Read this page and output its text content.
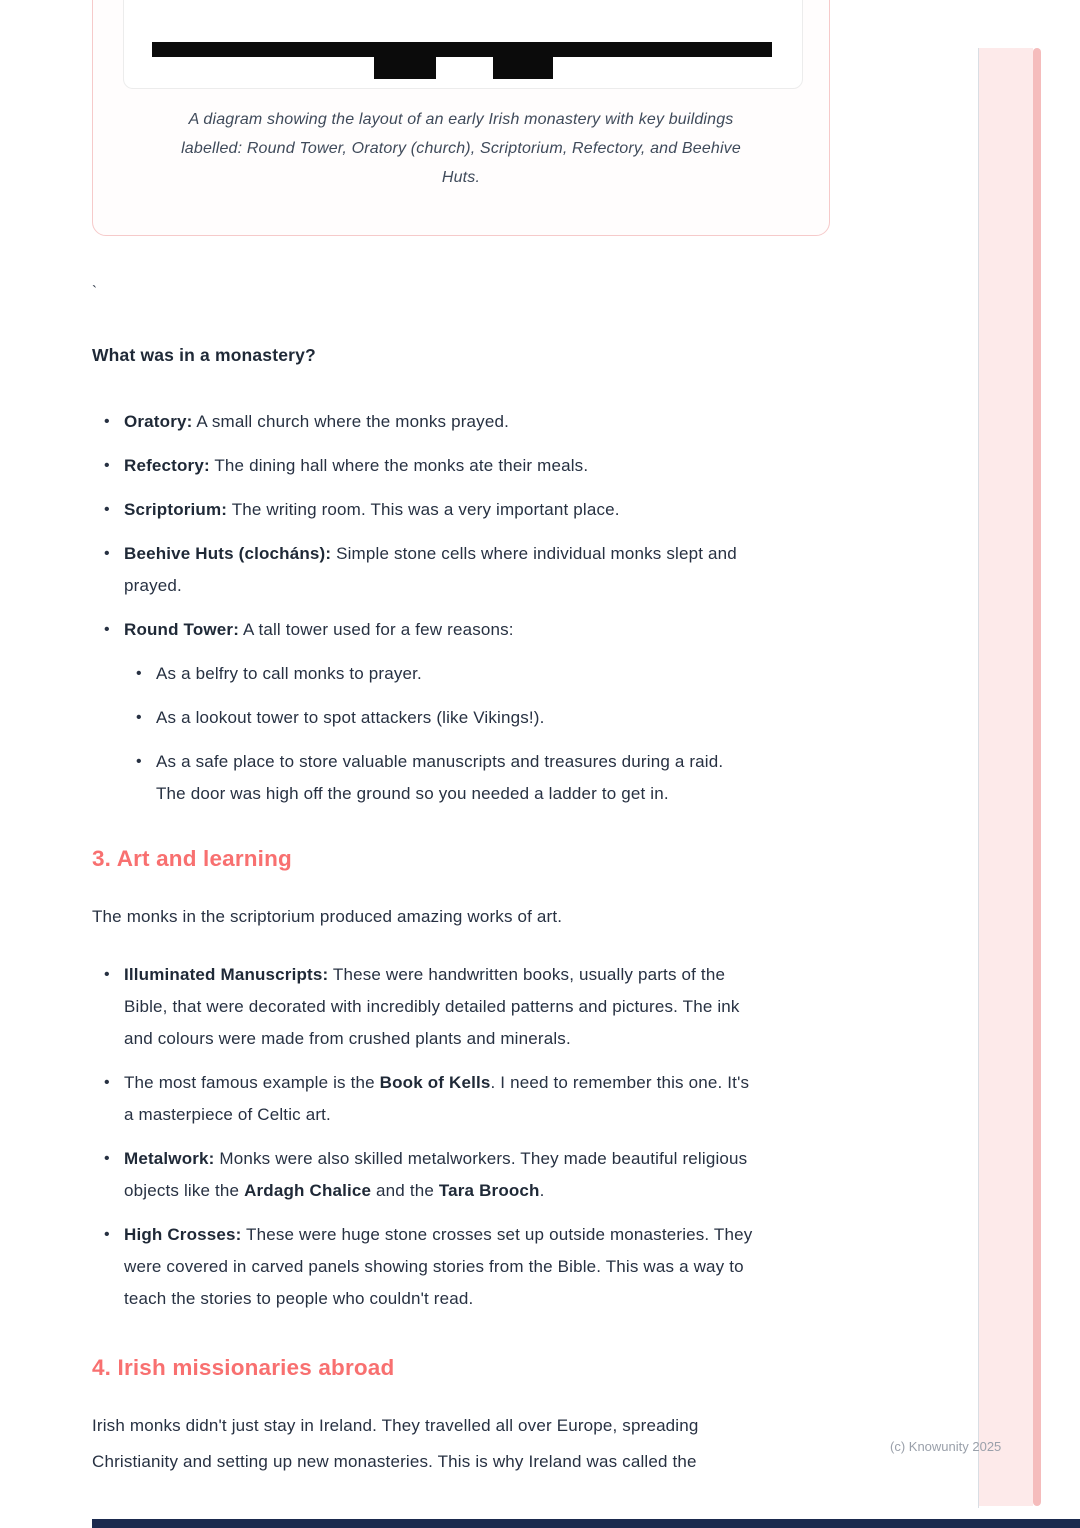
A diagram showing the layout of an early Irish monastery with key buildings labelled: Round Tower, Oratory (church), Scriptorium, Refectory, and Beehive Huts.
`
What was in a monastery?
• Oratory: A small church where the monks prayed.
• Refectory: The dining hall where the monks ate their meals.
• Scriptorium: The writing room. This was a very important place.
• Beehive Huts (clocháns): Simple stone cells where individual monks slept and prayed.
• Round Tower: A tall tower used for a few reasons:
• As a belfry to call monks to prayer.
• As a lookout tower to spot attackers (like Vikings!).
• As a safe place to store valuable manuscripts and treasures during a raid. The door was high off the ground so you needed a ladder to get in.
3. Art and learning

The monks in the scriptorium produced amazing works of art.

• Illuminated Manuscripts: These were handwritten books, usually parts of the Bible, that were decorated with incredibly detailed patterns and pictures. The ink and colours were made from crushed plants and minerals.
• The most famous example is the Book of Kells. I need to remember this one. It's a masterpiece of Celtic art.
• Metalwork: Monks were also skilled metalworkers. They made beautiful religious objects like the Ardagh Chalice and the Tara Brooch.
• High Crosses: These were huge stone crosses set up outside monasteries. They were covered in carved panels showing stories from the Bible. This was a way to teach the stories to people who couldn't read.
4. Irish missionaries abroad

Irish monks didn't just stay in Ireland. They travelled all over Europe, spreading Christianity and setting up new monasteries. This is why Ireland was called the

(c) Knowunity 2025
